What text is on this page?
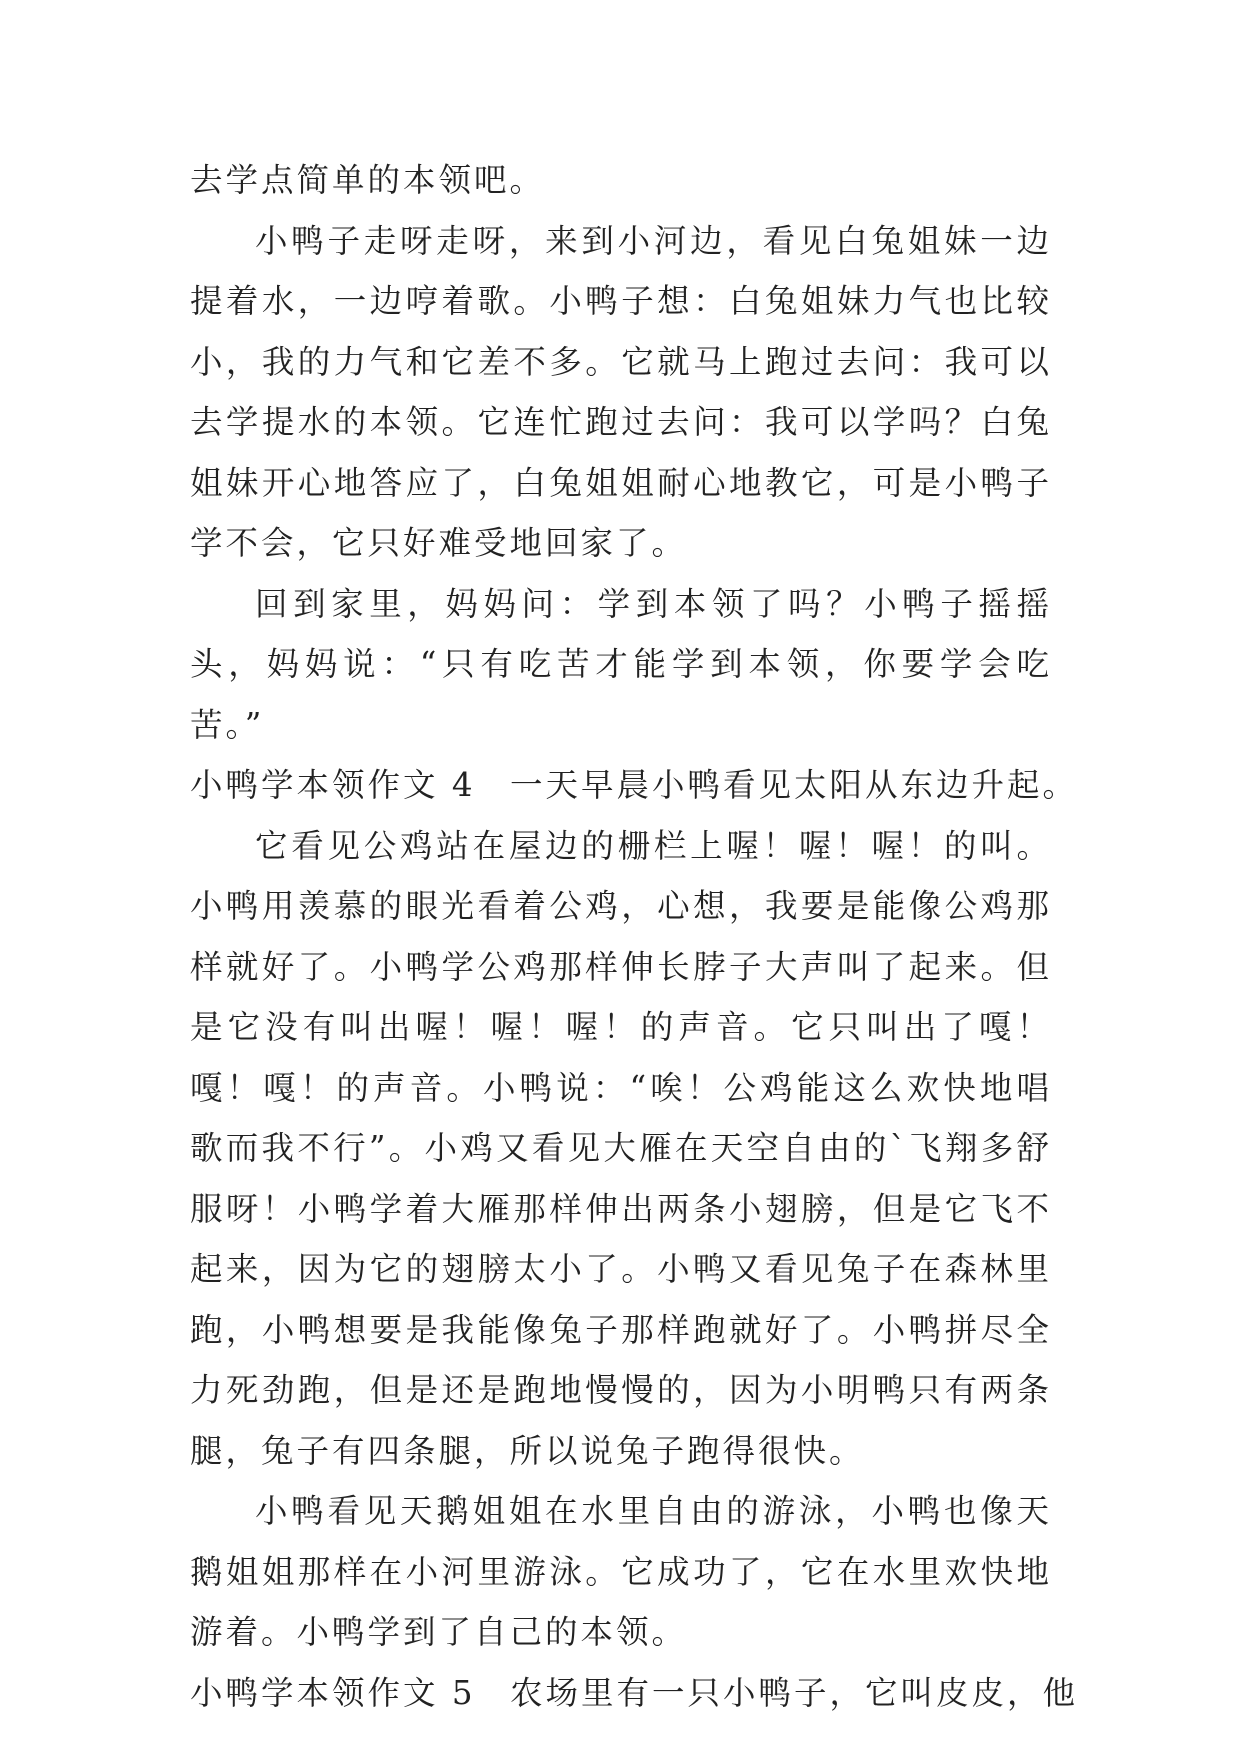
去学点简单的本领吧。

小鸭子走呀走呀，来到小河边，看见白兔姐妹一边提着水，一边哼着歌。小鸭子想：白兔姐妹力气也比较小，我的力气和它差不多。它就马上跑过去问：我可以去学提水的本领。它连忙跑过去问：我可以学吗？白兔姐妹开心地答应了，白兔姐姐耐心地教它，可是小鸭子学不会，它只好难受地回家了。

回到家里，妈妈问：学到本领了吗？小鸭子摇摇头，妈妈说：“只有吃苦才能学到本领，你要学会吃苦。”

小鸭学本领作文 4 一天早晨小鸭看见太阳从东边升起。

它看见公鸡站在屋边的栅栏上喔！喔！喔！的叫。小鸭用羡慕的眼光看着公鸡，心想，我要是能像公鸡那样就好了。小鸭学公鸡那样伸长脖子大声叫了起来。但是它没有叫出喔！喔！喔！的声音。它只叫出了嘎！嘎！嘎！的声音。小鸭说：“唉！公鸡能这么欢快地唱歌而我不行”。小鸡又看见大雁在天空自由的`飞翔多舒服呀！小鸭学着大雁那样伸出两条小翅膀，但是它飞不起来，因为它的翅膀太小了。小鸭又看见兔子在森林里跑，小鸭想要是我能像兔子那样跑就好了。小鸭拼尽全力死劲跑，但是还是跑地慢慢的，因为小明鸭只有两条腿，兔子有四条腿，所以说兔子跑得很快。

小鸭看见天鹅姐姐在水里自由的游泳，小鸭也像天鹅姐姐那样在小河里游泳。它成功了，它在水里欢快地游着。小鸭学到了自己的本领。

小鸭学本领作文 5 农场里有一只小鸭子，它叫皮皮，他
